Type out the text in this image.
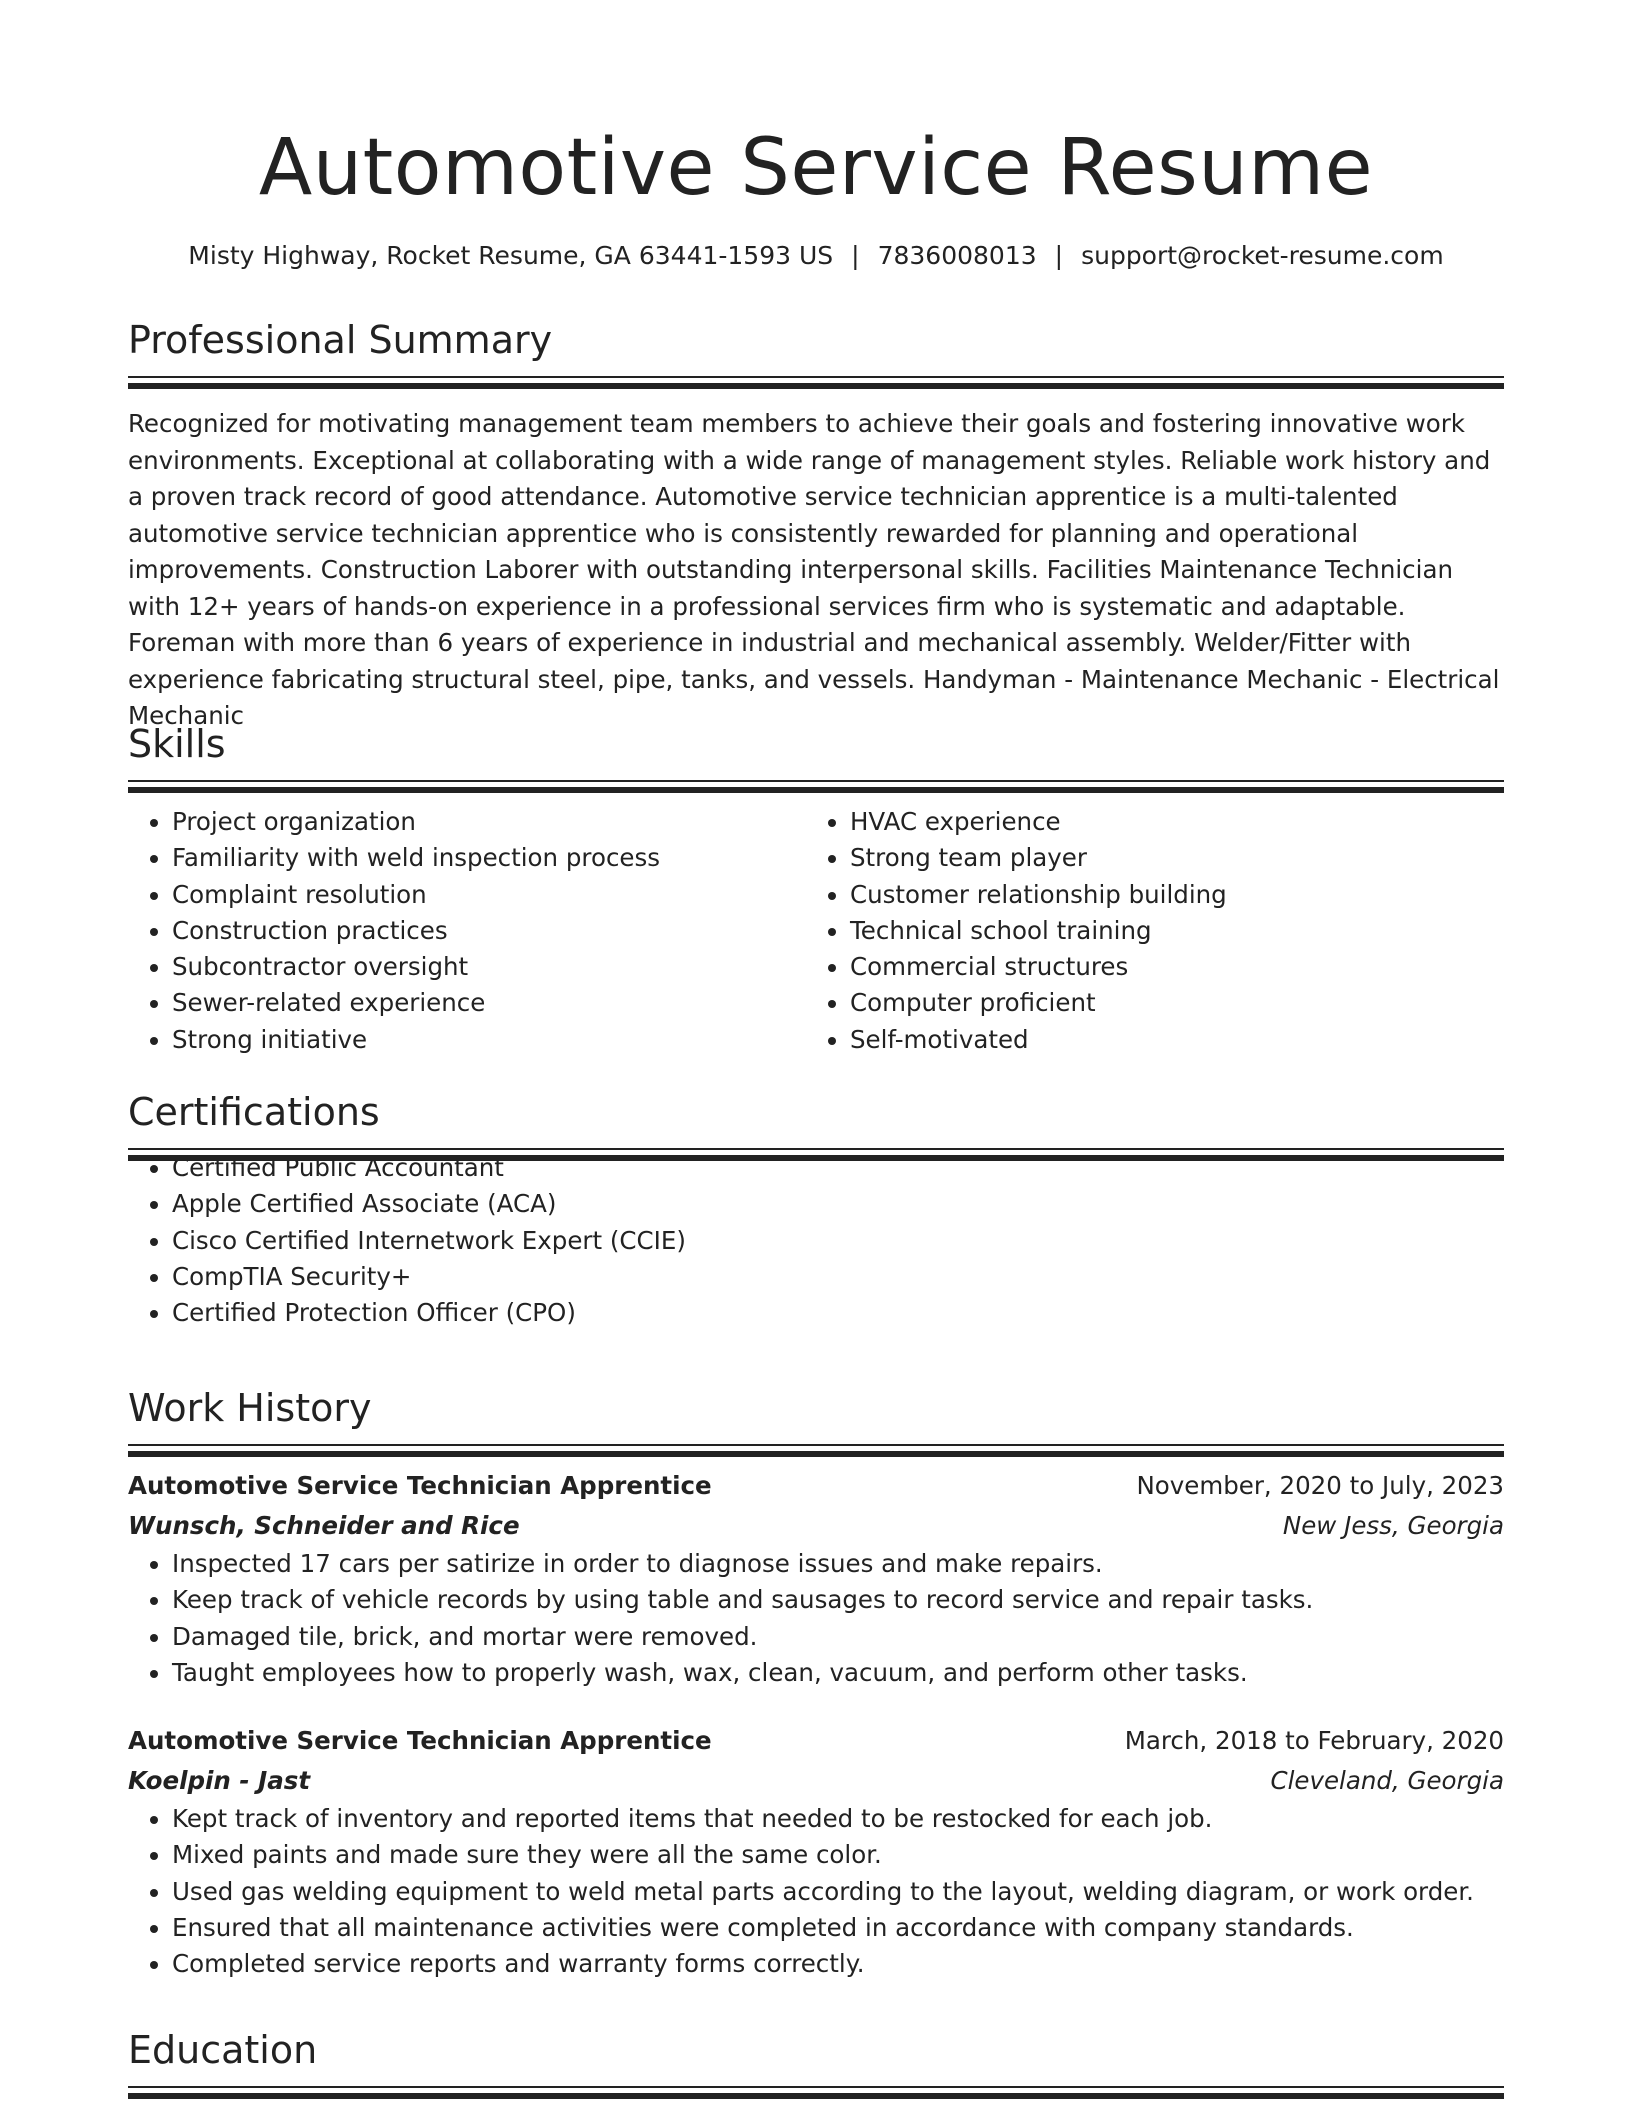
Automotive Service Resume
Misty Highway, Rocket Resume, GA 63441-1593 US | 7836008013 | support@rocket-resume.com
Professional Summary
Recognized for motivating management team members to achieve their goals and fostering innovative work environments. Exceptional at collaborating with a wide range of management styles. Reliable work history and a proven track record of good attendance. Automotive service technician apprentice is a multi-talented automotive service technician apprentice who is consistently rewarded for planning and operational improvements. Construction Laborer with outstanding interpersonal skills. Facilities Maintenance Technician with 12+ years of hands-on experience in a professional services firm who is systematic and adaptable. Foreman with more than 6 years of experience in industrial and mechanical assembly. Welder/Fitter with experience fabricating structural steel, pipe, tanks, and vessels. Handyman - Maintenance Mechanic - Electrical Mechanic
Skills
• Project organization
• Familiarity with weld inspection process
• Complaint resolution
• Construction practices
• Subcontractor oversight
• Sewer-related experience
• Strong initiative
• HVAC experience
• Strong team player
• Customer relationship building
• Technical school training
• Commercial structures
• Computer proficient
• Self-motivated
Certifications
• Certified Public Accountant
• Apple Certified Associate (ACA)
• Cisco Certified Internetwork Expert (CCIE)
• CompTIA Security+
• Certified Protection Officer (CPO)
Work History
Automotive Service Technician Apprentice	November, 2020 to July, 2023
Wunsch, Schneider and Rice	New Jess, Georgia
• Inspected 17 cars per satirize in order to diagnose issues and make repairs.
• Keep track of vehicle records by using table and sausages to record service and repair tasks.
• Damaged tile, brick, and mortar were removed.
• Taught employees how to properly wash, wax, clean, vacuum, and perform other tasks.
Automotive Service Technician Apprentice	March, 2018 to February, 2020
Koelpin - Jast	Cleveland, Georgia
• Kept track of inventory and reported items that needed to be restocked for each job.
• Mixed paints and made sure they were all the same color.
• Used gas welding equipment to weld metal parts according to the layout, welding diagram, or work order.
• Ensured that all maintenance activities were completed in accordance with company standards.
• Completed service reports and warranty forms correctly.
Education
